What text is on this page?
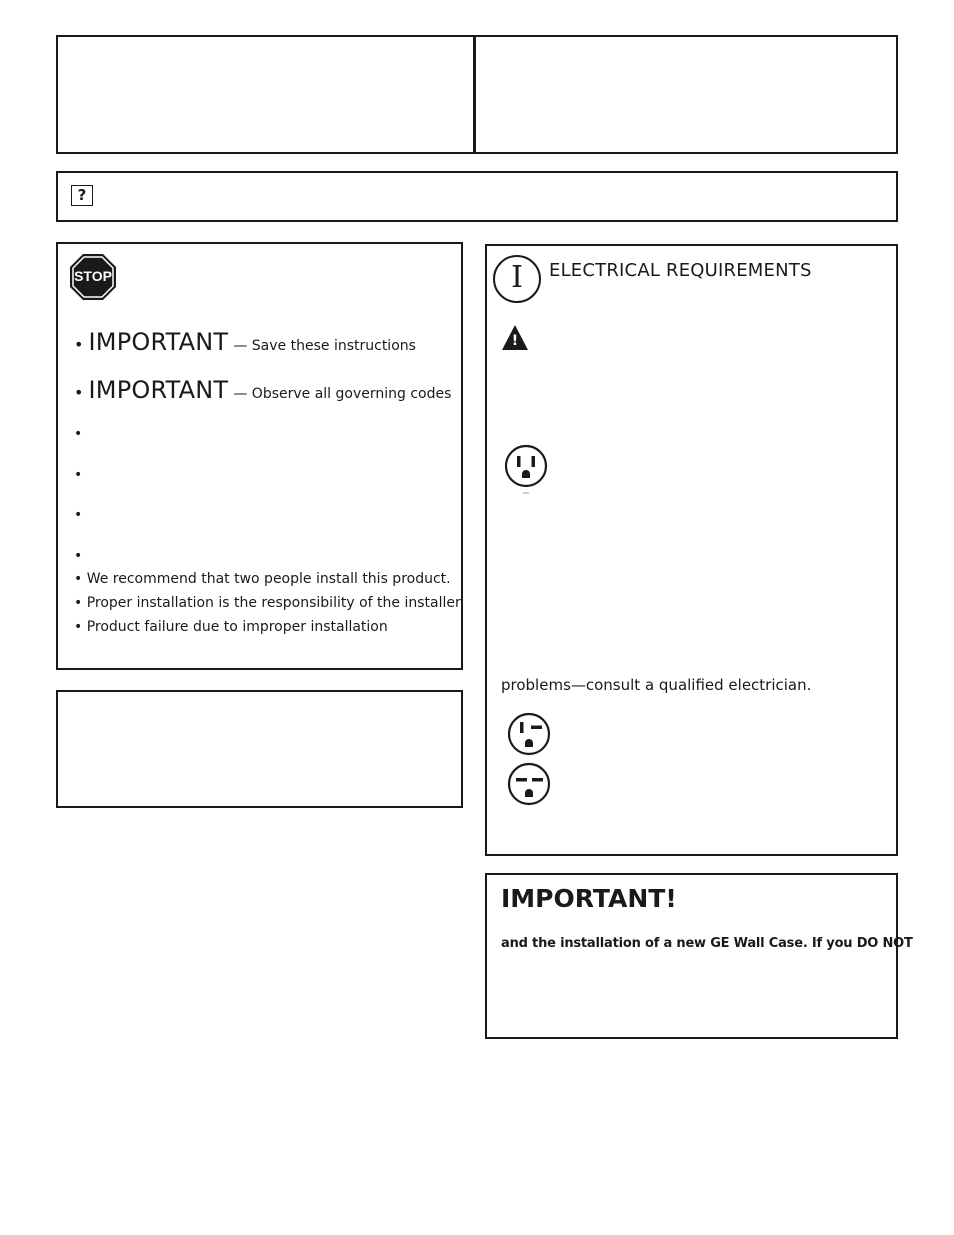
?
STOP
• IMPORTANT — Save these instructions
• IMPORTANT — Observe all governing codes
•
•
•
•
• We recommend that two people install this product.
• Proper installation is the responsibility of the installer.
• Product failure due to improper installation
I	ELECTRICAL REQUIREMENTS
!
problems—consult a qualified electrician.
IMPORTANT!
and the installation of a new GE Wall Case. If you DO NOT
